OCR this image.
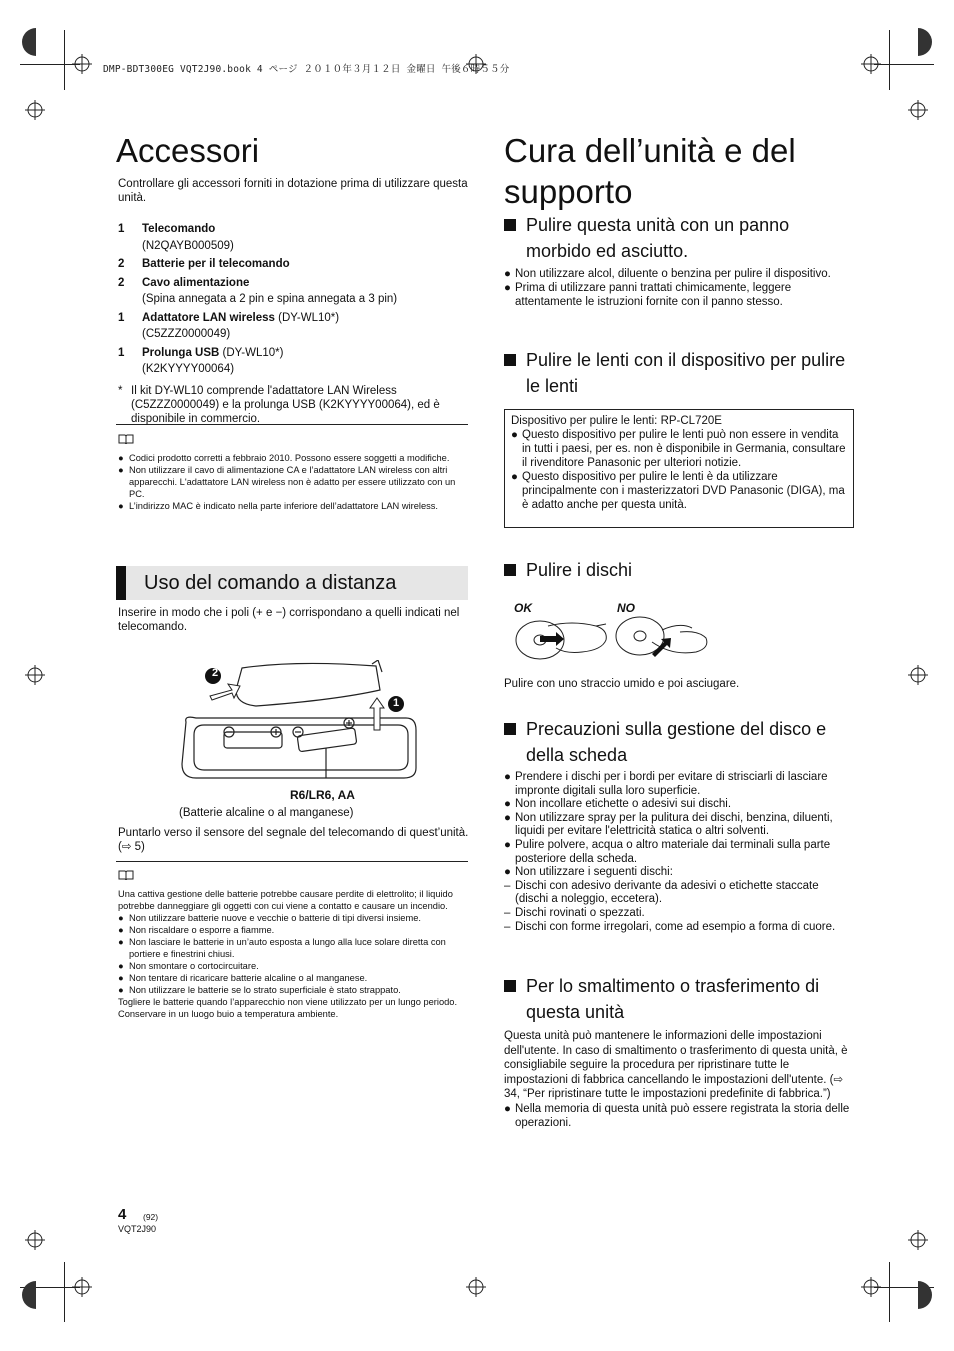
DMP-BDT300EG VQT2J90.book 4 ページ ２０１０年３月１２日 金曜日 午後６時５５分
Accessori

Controllare gli accessori forniti in dotazione prima di utilizzare questa unità.

1	Telecomando
(N2QAYB000509)
2	Batterie per il telecomando
2	Cavo alimentazione
(Spina annegata a 2 pin e spina annegata a 3 pin)
1	Adattatore LAN wireless (DY-WL10*)
(C5ZZZ0000049)
1	Prolunga USB (DY-WL10*)
(K2KYYYY00064)
* Il kit DY-WL10 comprende l'adattatore LAN Wireless (C5ZZZ0000049) e la prolunga USB (K2KYYYY00064), ed è disponibile in commercio.
● Codici prodotto corretti a febbraio 2010. Possono essere soggetti a modifiche.
● Non utilizzare il cavo di alimentazione CA e l’adattatore LAN wireless con altri apparecchi. L'adattatore LAN wireless non è adatto per essere utilizzato con un PC.
● L’indirizzo MAC è indicato nella parte inferiore dell’adattatore LAN wireless.
Uso del comando a distanza

Inserire in modo che i poli (+ e −) corrispondano a quelli indicati nel telecomando.

2
1
R6/LR6, AA
(Batterie alcaline o al manganese)

Puntarlo verso il sensore del segnale del telecomando di quest’unità. (⇨ 5)

Una cattiva gestione delle batterie potrebbe causare perdite di elettrolito; il liquido potrebbe danneggiare gli oggetti con cui viene a contatto e causare un incendio.
● Non utilizzare batterie nuove e vecchie o batterie di tipi diversi insieme.
● Non riscaldare o esporre a fiamme.
● Non lasciare le batterie in un’auto esposta a lungo alla luce solare diretta con portiere e finestrini chiusi.
● Non smontare o cortocircuitare.
● Non tentare di ricaricare batterie alcaline o al manganese.
● Non utilizzare le batterie se lo strato superficiale è stato strappato.
Togliere le batterie quando l’apparecchio non viene utilizzato per un lungo periodo. Conservare in un luogo buio a temperatura ambiente.
Cura dell’unità e del supporto
Pulire questa unità con un panno morbido ed asciutto.
● Non utilizzare alcol, diluente o benzina per pulire il dispositivo.
● Prima di utilizzare panni trattati chimicamente, leggere attentamente le istruzioni fornite con il panno stesso.
Pulire le lenti con il dispositivo per pulire le lenti
Dispositivo per pulire le lenti: RP-CL720E
● Questo dispositivo per pulire le lenti può non essere in vendita in tutti i paesi, per es. non è disponibile in Germania, consultare il rivenditore Panasonic per ulteriori notizie.
● Questo dispositivo per pulire le lenti è da utilizzare principalmente con i masterizzatori DVD Panasonic (DIGA), ma è adatto anche per questa unità.
Pulire i dischi
OK	NO

Pulire con uno straccio umido e poi asciugare.

Precauzioni sulla gestione del disco e della scheda
● Prendere i dischi per i bordi per evitare di strisciarli di lasciare impronte digitali sulla loro superficie.
● Non incollare etichette o adesivi sui dischi.
● Non utilizzare spray per la pulitura dei dischi, benzina, diluenti, liquidi per evitare l'elettricità statica o altri solventi.
● Pulire polvere, acqua o altro materiale dai terminali sulla parte posteriore della scheda.
● Non utilizzare i seguenti dischi:
– Dischi con adesivo derivante da adesivi o etichette staccate (dischi a noleggio, eccetera).
– Dischi rovinati o spezzati.
– Dischi con forme irregolari, come ad esempio a forma di cuore.
Per lo smaltimento o trasferimento di questa unità
Questa unità può mantenere le informazioni delle impostazioni dell'utente. In caso di smaltimento o trasferimento di questa unità, è consigliabile seguire la procedura per ripristinare tutte le impostazioni di fabbrica cancellando le impostazioni dell'utente. (⇨ 34, “Per ripristinare tutte le impostazioni predefinite di fabbrica.”)
● Nella memoria di questa unità può essere registrata la storia delle operazioni.
4 (92)
VQT2J90
